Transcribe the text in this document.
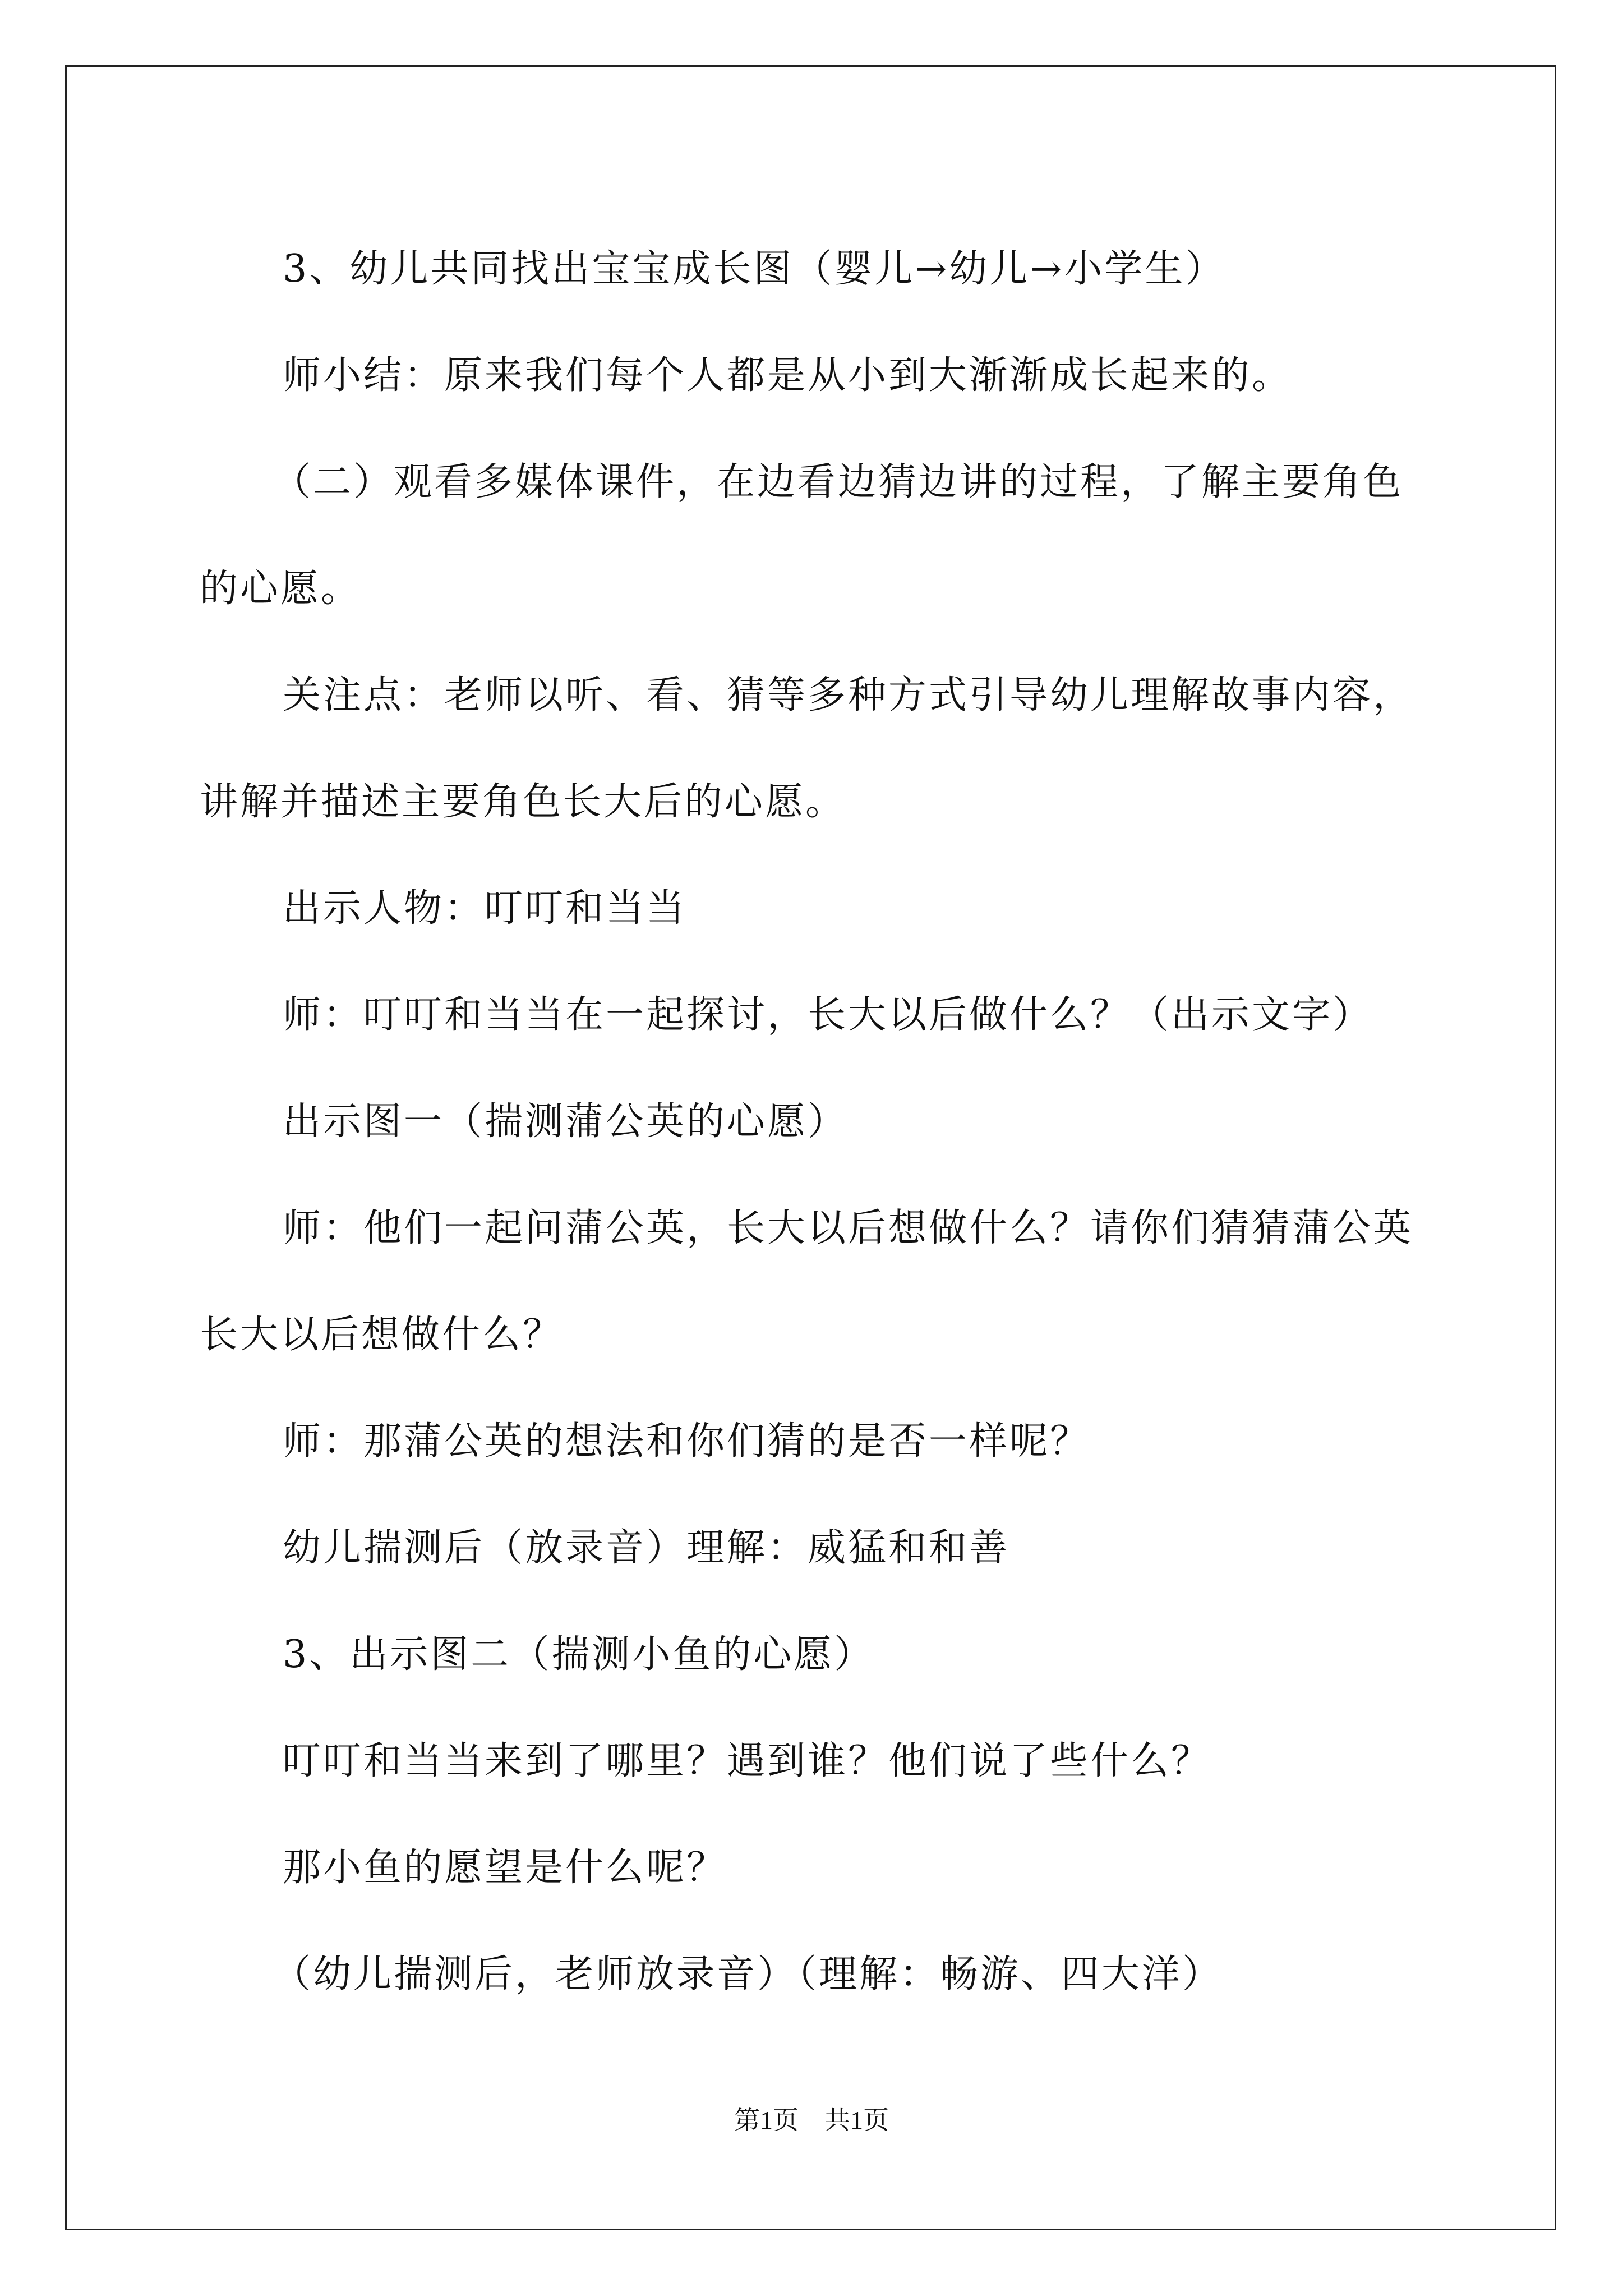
3、幼儿共同找出宝宝成长图（婴儿→幼儿→小学生）

师小结：原来我们每个人都是从小到大渐渐成长起来的。

（二）观看多媒体课件，在边看边猜边讲的过程，了解主要角色

的心愿。

关注点：老师以听、看、猜等多种方式引导幼儿理解故事内容，

讲解并描述主要角色长大后的心愿。

出示人物：叮叮和当当

师：叮叮和当当在一起探讨，长大以后做什么？（出示文字）

出示图一（揣测蒲公英的心愿）

师：他们一起问蒲公英，长大以后想做什么？请你们猜猜蒲公英

长大以后想做什么？

师：那蒲公英的想法和你们猜的是否一样呢？

幼儿揣测后（放录音）理解：威猛和和善

3、出示图二（揣测小鱼的心愿）

叮叮和当当来到了哪里？遇到谁？他们说了些什么？

那小鱼的愿望是什么呢？

（幼儿揣测后，老师放录音）（理解：畅游、四大洋）

第1页 共1页
